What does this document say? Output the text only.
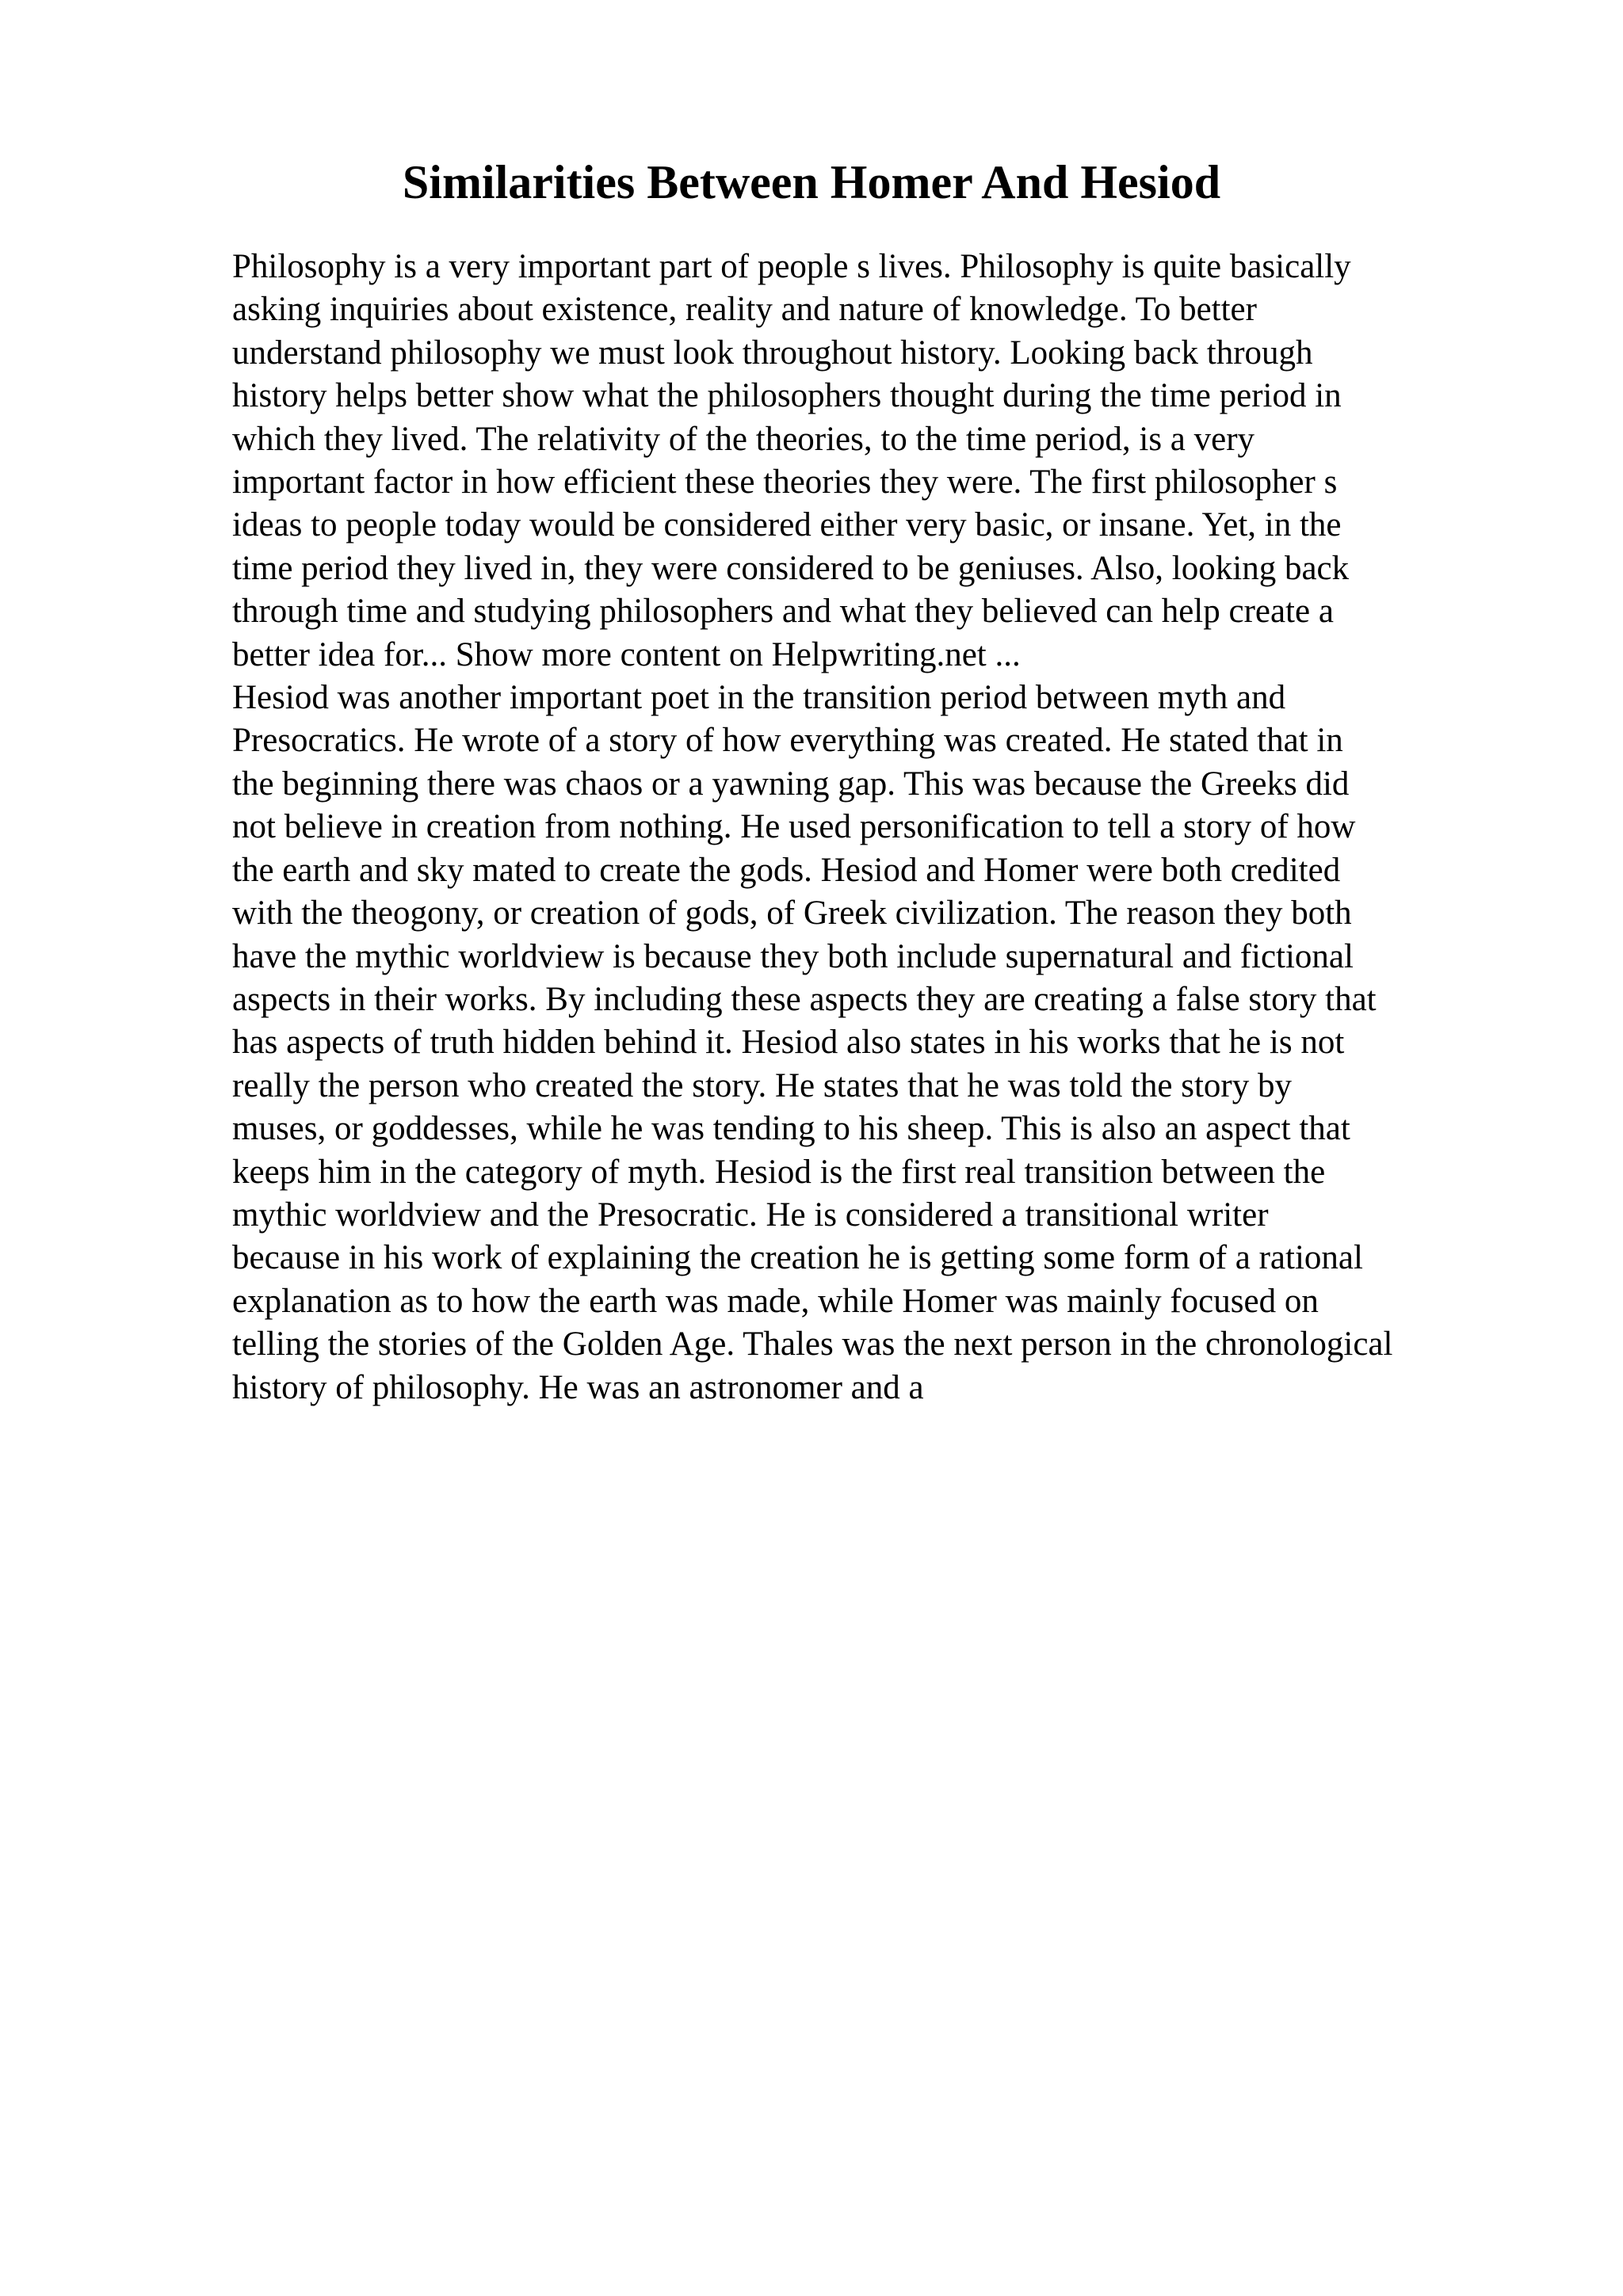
Similarities Between Homer And Hesiod

Philosophy is a very important part of people s lives. Philosophy is quite basically
asking inquiries about existence, reality and nature of knowledge. To better
understand philosophy we must look throughout history. Looking back through
history helps better show what the philosophers thought during the time period in
which they lived. The relativity of the theories, to the time period, is a very
important factor in how efficient these theories they were. The first philosopher s
ideas to people today would be considered either very basic, or insane. Yet, in the
time period they lived in, they were considered to be geniuses. Also, looking back
through time and studying philosophers and what they believed can help create a
better idea for... Show more content on Helpwriting.net ...

Hesiod was another important poet in the transition period between myth and
Presocratics. He wrote of a story of how everything was created. He stated that in
the beginning there was chaos or a yawning gap. This was because the Greeks did
not believe in creation from nothing. He used personification to tell a story of how
the earth and sky mated to create the gods. Hesiod and Homer were both credited
with the theogony, or creation of gods, of Greek civilization. The reason they both
have the mythic worldview is because they both include supernatural and fictional
aspects in their works. By including these aspects they are creating a false story that
has aspects of truth hidden behind it. Hesiod also states in his works that he is not
really the person who created the story. He states that he was told the story by
muses, or goddesses, while he was tending to his sheep. This is also an aspect that
keeps him in the category of myth. Hesiod is the first real transition between the
mythic worldview and the Presocratic. He is considered a transitional writer
because in his work of explaining the creation he is getting some form of a rational
explanation as to how the earth was made, while Homer was mainly focused on
telling the stories of the Golden Age. Thales was the next person in the chronological
history of philosophy. He was an astronomer and a
